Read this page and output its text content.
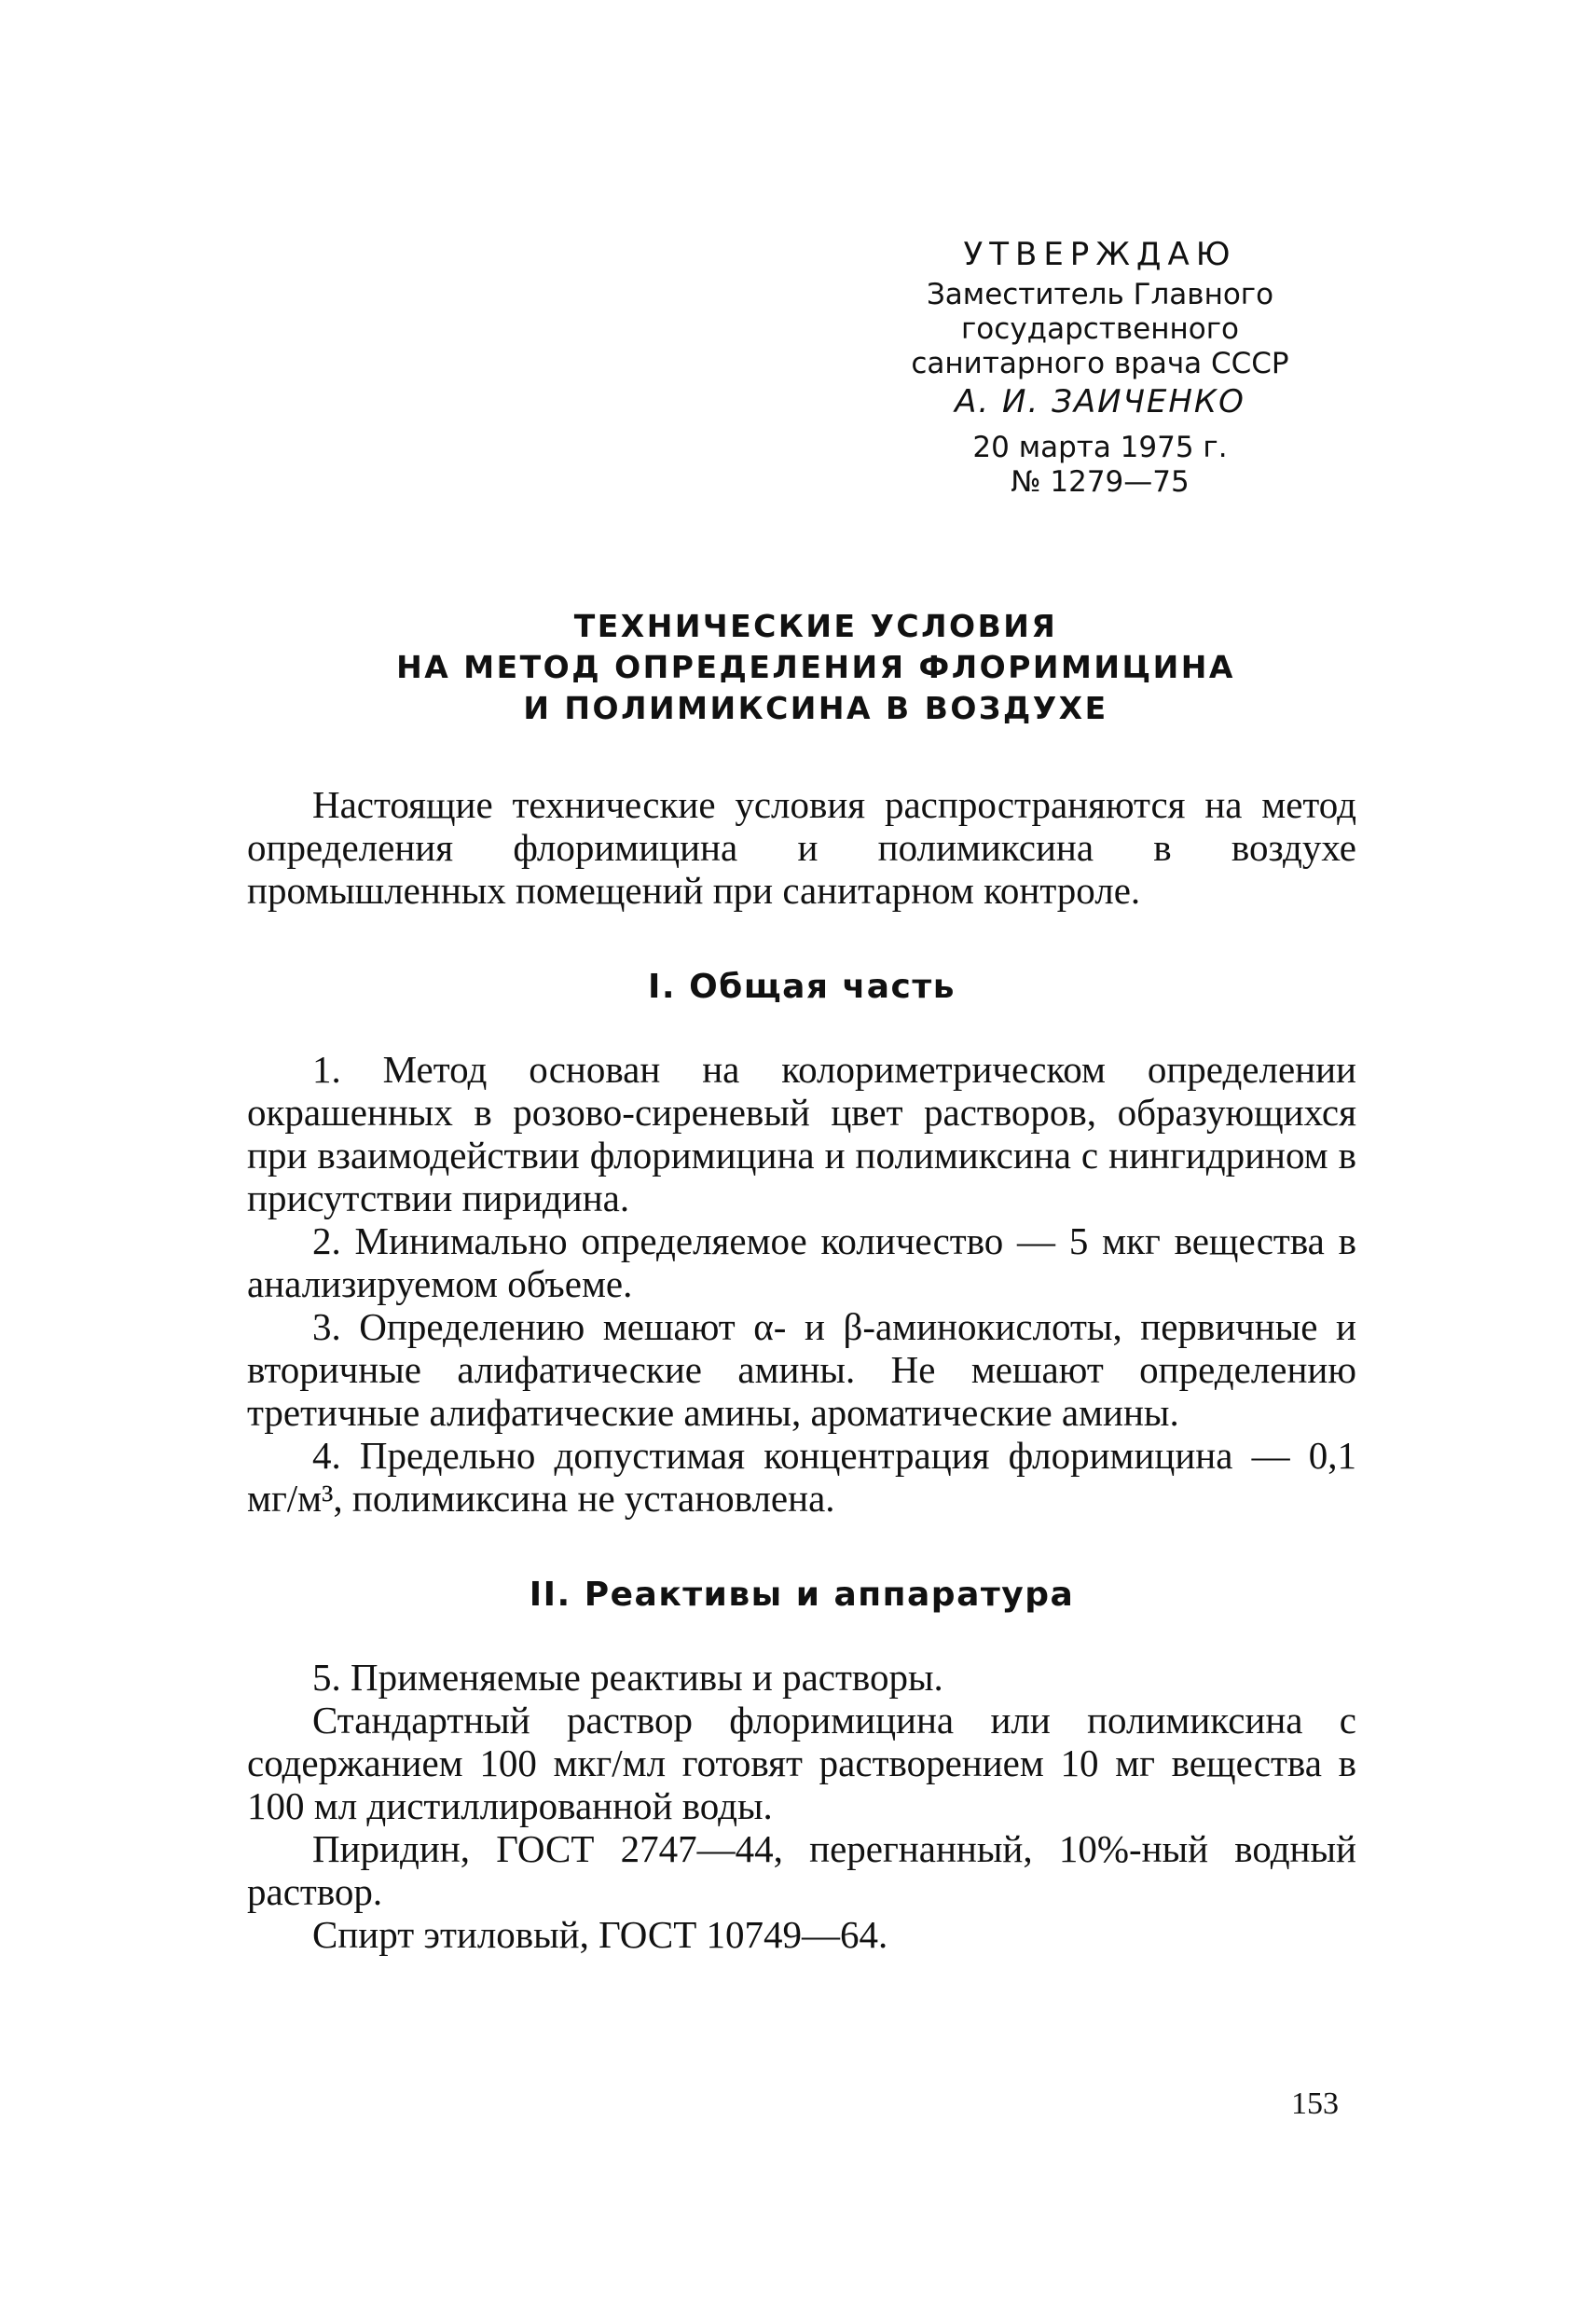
УТВЕРЖДАЮ
Заместитель Главного
государственного
санитарного врача СССР
А. И. ЗАИЧЕНКО
20 марта 1975 г.
№ 1279—75
ТЕХНИЧЕСКИЕ УСЛОВИЯ
НА МЕТОД ОПРЕДЕЛЕНИЯ ФЛОРИМИЦИНА
И ПОЛИМИКСИНА В ВОЗДУХЕ

Настоящие технические условия распространяются на метод определения флоримицина и полимиксина в воздухе промышленных помещений при санитарном контроле.

I. Общая часть

1. Метод основан на колориметрическом определении окрашенных в розово-сиреневый цвет растворов, образующихся при взаимодействии флоримицина и полимиксина с нингидрином в присутствии пиридина.

2. Минимально определяемое количество — 5 мкг вещества в анализируемом объеме.

3. Определению мешают α- и β-аминокислоты, первичные и вторичные алифатические амины. Не мешают определению третичные алифатические амины, ароматические амины.

4. Предельно допустимая концентрация флоримицина — 0,1 мг/м³, полимиксина не установлена.

II. Реактивы и аппаратура

5. Применяемые реактивы и растворы.

Стандартный раствор флоримицина или полимиксина с содержанием 100 мкг/мл готовят растворением 10 мг вещества в 100 мл дистиллированной воды.

Пиридин, ГОСТ 2747—44, перегнанный, 10%-ный водный раствор.

Спирт этиловый, ГОСТ 10749—64.

153
